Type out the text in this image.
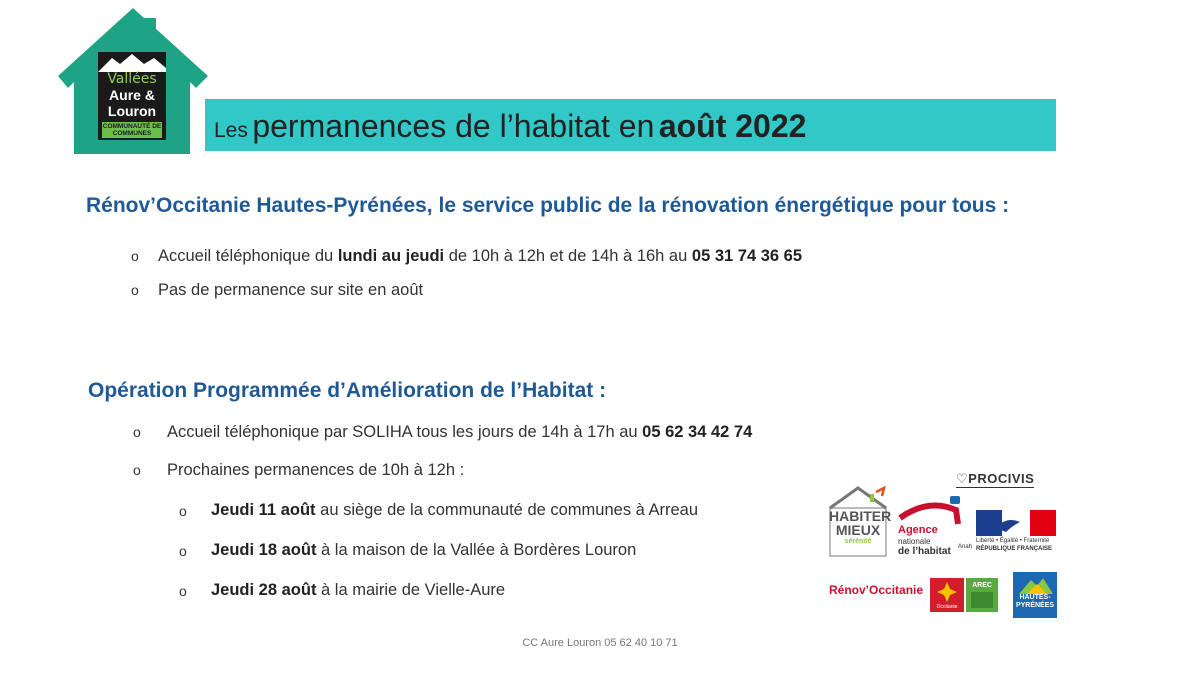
Vallées
Aure &
Louron
COMMUNAUTÉ DE COMMUNES	Les permanences de l’habitat en août 2022
Rénov’Occitanie Hautes-Pyrénées, le service public de la rénovation énergétique pour tous :
o Accueil téléphonique du lundi au jeudi de 10h à 12h et de 14h à 16h au 05 31 74 36 65
o Pas de permanence sur site en août
Opération Programmée d’Amélioration de l’Habitat :
o Accueil téléphonique par SOLIHA tous les jours de 14h à 17h au 05 62 34 42 74
o Prochaines permanences de 10h à 12h :
o Jeudi 11 août au siège de la communauté de communes à Arreau
o Jeudi 18 août à la maison de la Vallée à Bordères Louron
o Jeudi 28 août à la mairie de Vielle-Aure
♡PROCIVIS
HABITER
MIEUX
sérénité
Agence
nationale
de l’habitat Anah
Liberté • Égalité • Fraternité
RÉPUBLIQUE FRANÇAISE
Rénov’Occitanie
Occitanie
AREC
HAUTES-
PYRÉNÉES
CC Aure Louron 05 62 40 10 71
